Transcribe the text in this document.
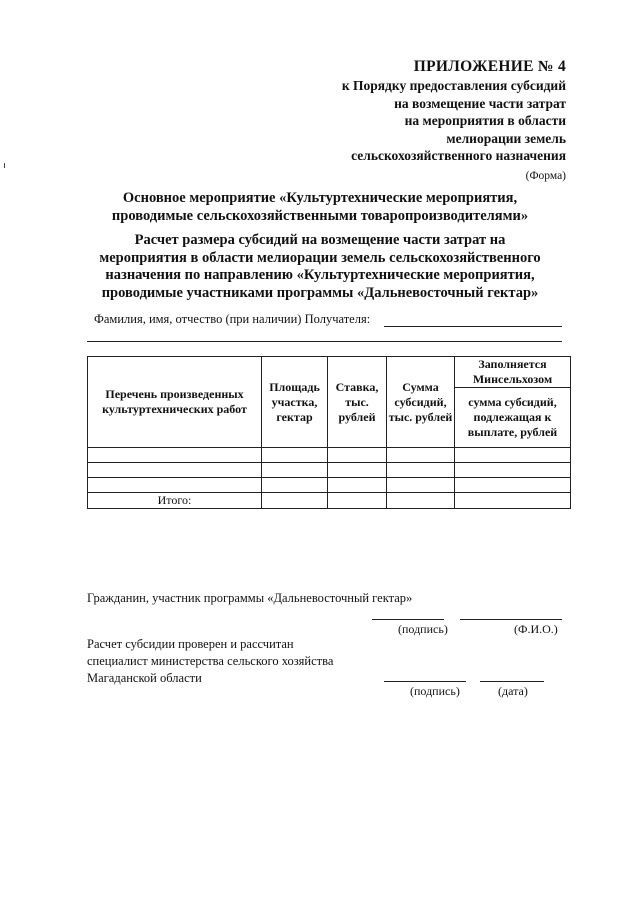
ПРИЛОЖЕНИЕ № 4
к Порядку предоставления субсидий
на возмещение части затрат
на мероприятия в области
мелиорации земель
сельскохозяйственного назначения
(Форма)
Основное мероприятие «Культуртехнические мероприятия,
проводимые сельскохозяйственными товаропроизводителями»
Расчет размера субсидий на возмещение части затрат на
мероприятия в области мелиорации земель сельскохозяйственного
назначения по направлению «Культуртехнические мероприятия,
проводимые участниками программы «Дальневосточный гектар»
Фамилия, имя, отчество (при наличии) Получателя:
Перечень произведенных культуртехнических работ	Площадь участка, гектар	Ставка, тыс. рублей	Сумма субсидий, тыс. рублей	Заполняется Минсельхозом
				сумма субсидий, подлежащая к выплате, рублей

Итого:				
Гражданин, участник программы «Дальневосточный гектар»
(подпись)	(Ф.И.О.)
Расчет субсидии проверен и рассчитан
специалист министерства сельского хозяйства
Магаданской области
(подпись)	(дата)
